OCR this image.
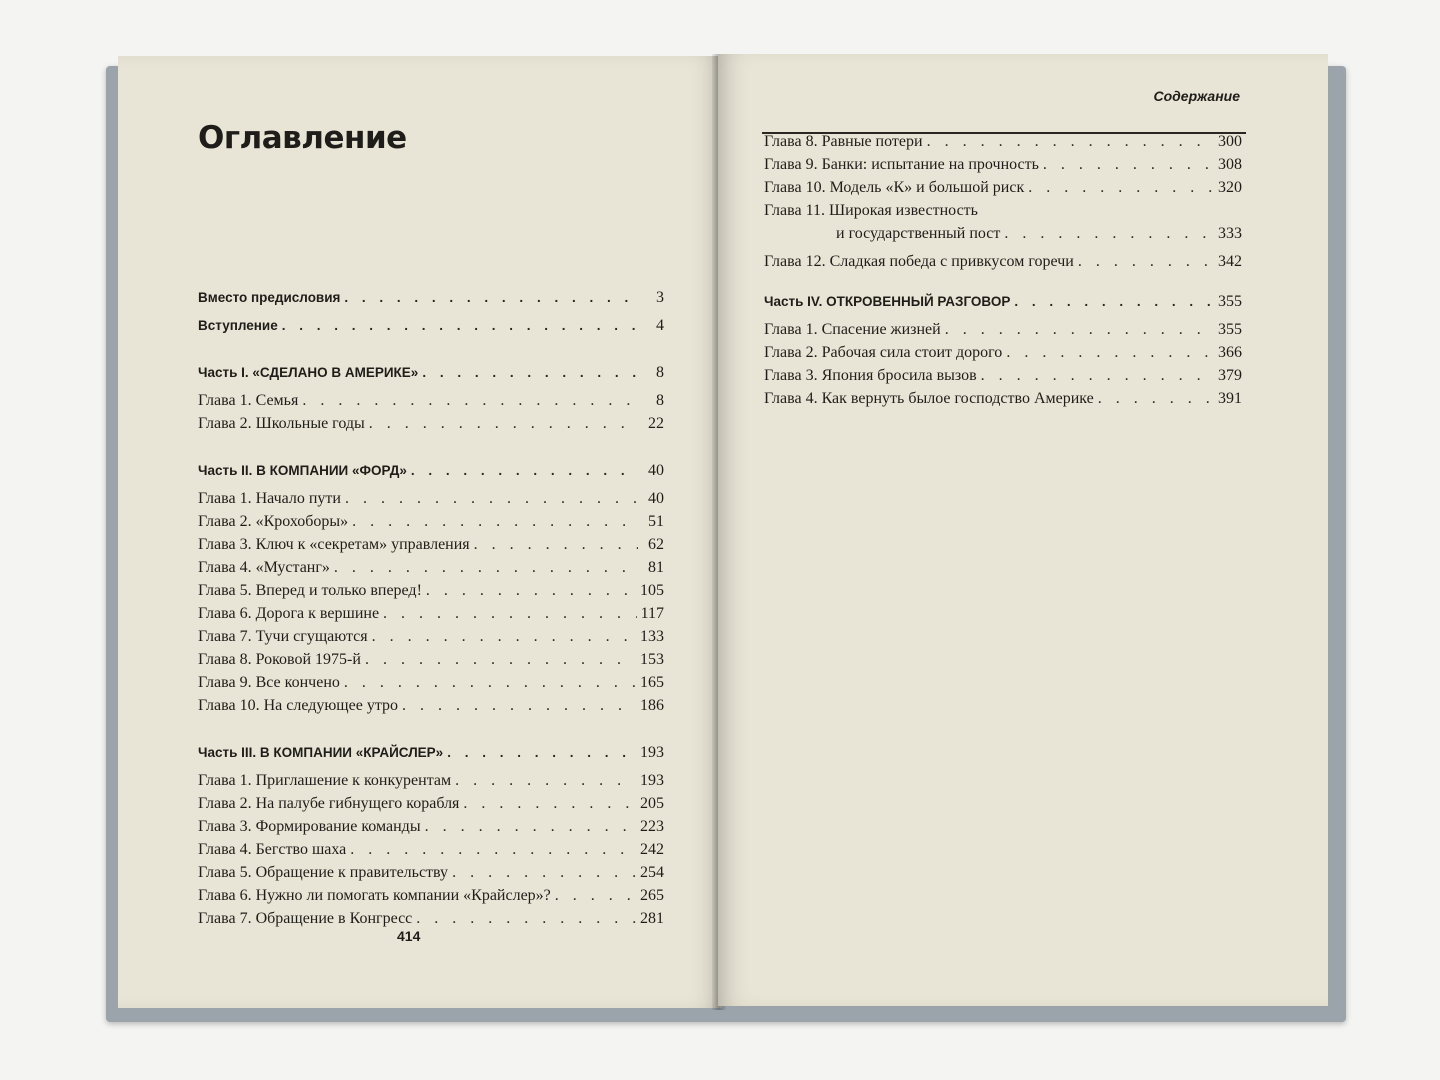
Оглавление
Вместо предисловия . . .	3
Вступление . . .	4
Часть I. «СДЕЛАНО В АМЕРИКЕ» . . .	8
Глава 1. Семья . . .	8
Глава 2. Школьные годы . . .	22
Часть II. В КОМПАНИИ «ФОРД» . . .	40
Глава 1. Начало пути . . .	40
Глава 2. «Крохоборы» . . .	51
Глава 3. Ключ к «секретам» управления . . .	62
Глава 4. «Мустанг» . . .	81
Глава 5. Вперед и только вперед! . . .	105
Глава 6. Дорога к вершине . . .	117
Глава 7. Тучи сгущаются . . .	133
Глава 8. Роковой 1975-й . . .	153
Глава 9. Все кончено . . .	165
Глава 10. На следующее утро . . .	186
Часть III. В КОМПАНИИ «КРАЙСЛЕР» . . .	193
Глава 1. Приглашение к конкурентам . . .	193
Глава 2. На палубе гибнущего корабля . . .	205
Глава 3. Формирование команды . . .	223
Глава 4. Бегство шаха . . .	242
Глава 5. Обращение к правительству . . .	254
Глава 6. Нужно ли помогать компании «Крайслер»? . . .	265
Глава 7. Обращение в Конгресс . . .	281
414
Содержание
Глава 8. Равные потери . . .	300
Глава 9. Банки: испытание на прочность . . .	308
Глава 10. Модель «К» и большой риск . . .	320
Глава 11. Широкая известность
и государственный пост . . .	333
Глава 12. Сладкая победа с привкусом горечи . . .	342
Часть IV. ОТКРОВЕННЫЙ РАЗГОВОР . . .	355
Глава 1. Спасение жизней . . .	355
Глава 2. Рабочая сила стоит дорого . . .	366
Глава 3. Япония бросила вызов . . .	379
Глава 4. Как вернуть былое господство Америке . . .	391
